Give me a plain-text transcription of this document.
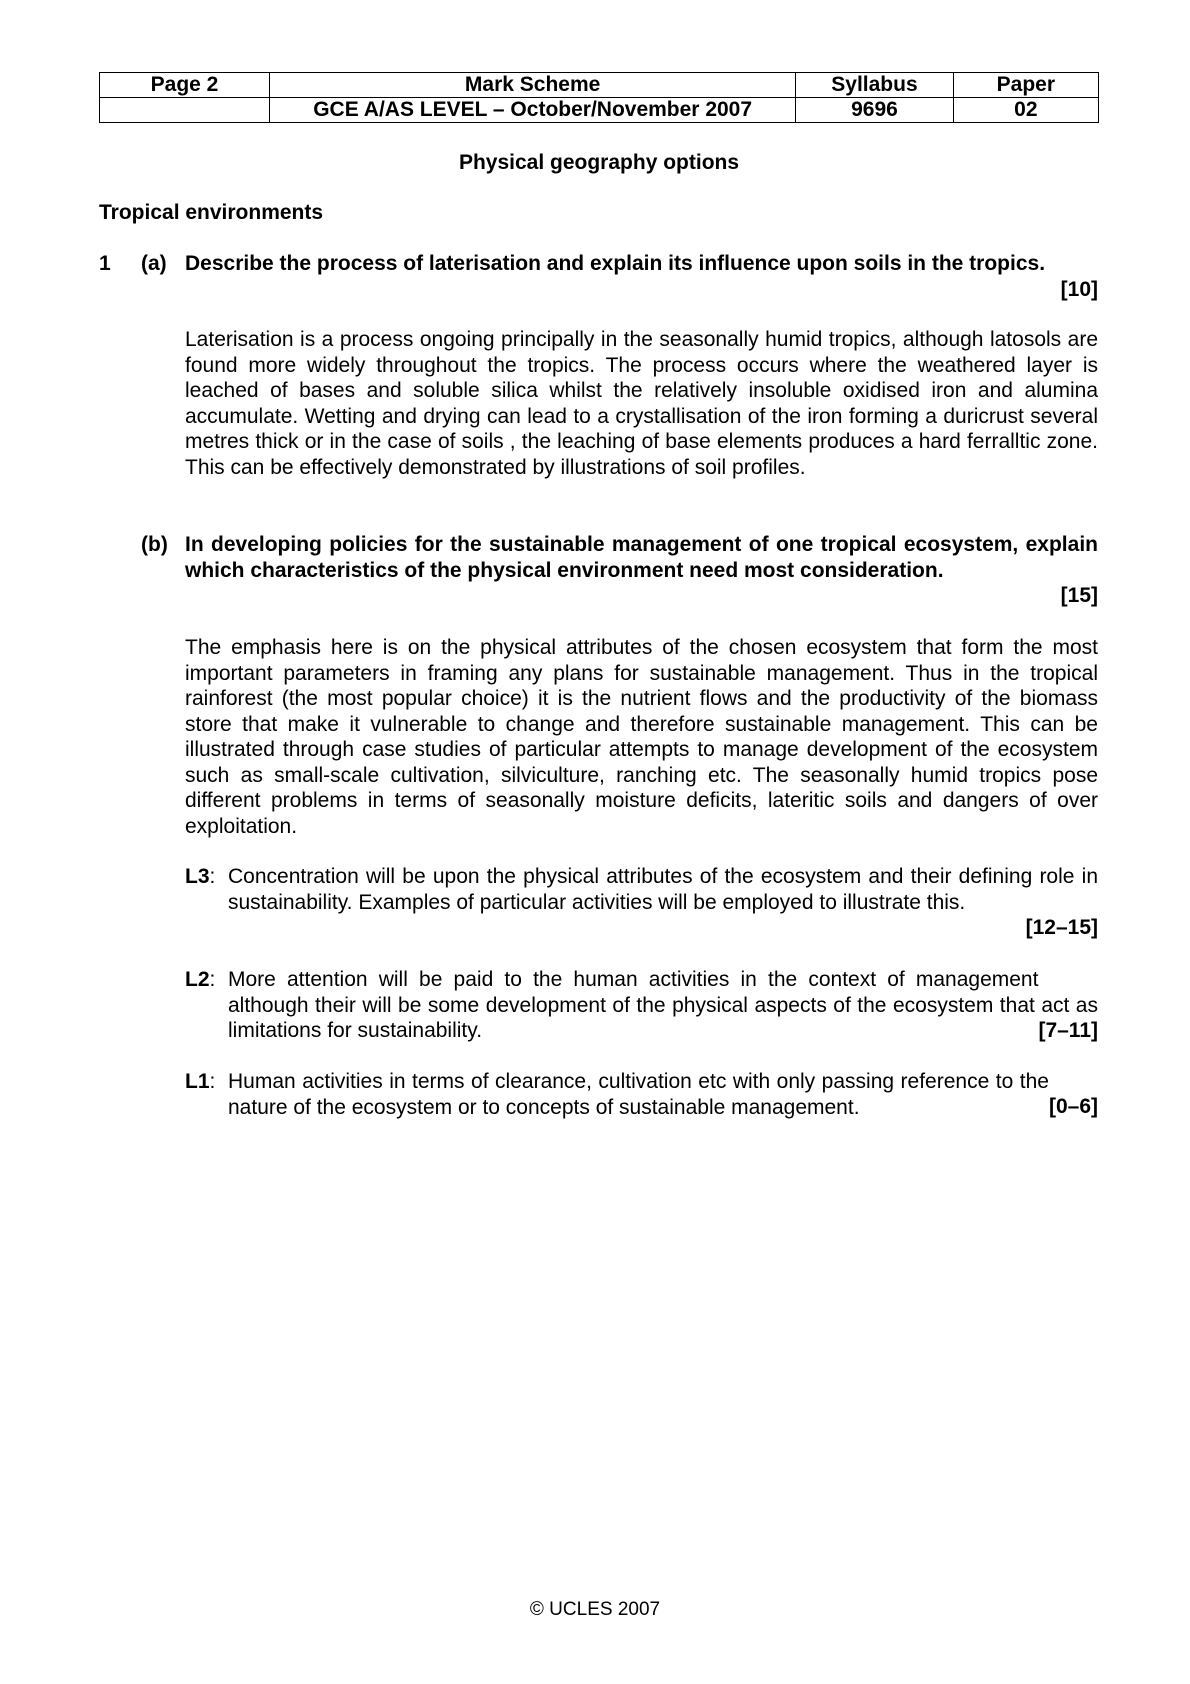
Page 2	Mark Scheme	Syllabus	Paper
	GCE A/AS LEVEL – October/November 2007	9696	02
Physical geography options
Tropical environments
1 (a) Describe the process of laterisation and explain its influence upon soils in the tropics.
[10]
Laterisation is a process ongoing principally in the seasonally humid tropics, although latosols are found more widely throughout the tropics. The process occurs where the weathered layer is leached of bases and soluble silica whilst the relatively insoluble oxidised iron and alumina accumulate. Wetting and drying can lead to a crystallisation of the iron forming a duricrust several metres thick or in the case of soils , the leaching of base elements produces a hard ferralltic zone. This can be effectively demonstrated by illustrations of soil profiles.
(b) In developing policies for the sustainable management of one tropical ecosystem, explain which characteristics of the physical environment need most consideration.
[15]
The emphasis here is on the physical attributes of the chosen ecosystem that form the most important parameters in framing any plans for sustainable management. Thus in the tropical rainforest (the most popular choice) it is the nutrient flows and the productivity of the biomass store that make it vulnerable to change and therefore sustainable management. This can be illustrated through case studies of particular attempts to manage development of the ecosystem such as small-scale cultivation, silviculture, ranching etc. The seasonally humid tropics pose different problems in terms of seasonally moisture deficits, lateritic soils and dangers of over exploitation.
L3: Concentration will be upon the physical attributes of the ecosystem and their defining role in sustainability. Examples of particular activities will be employed to illustrate this.
[12–15]
L2:
[7–11]
More attention will be paid to the human activities in the context of management although their will be some development of the physical aspects of the ecosystem that act as limitations for sustainability.
L1:
[0–6]
Human activities in terms of clearance, cultivation etc with only passing reference to the nature of the ecosystem or to concepts of sustainable management.
© UCLES 2007
